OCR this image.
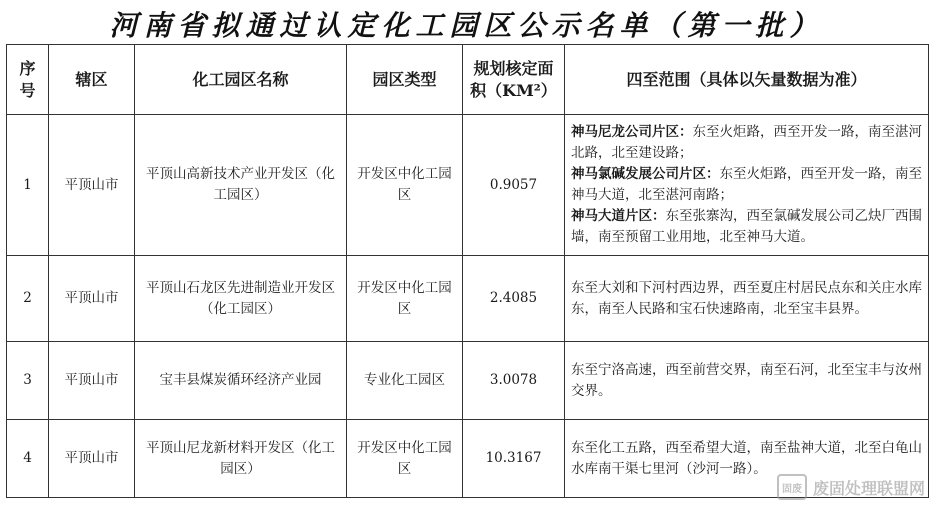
河南省拟通过认定化工园区公示名单（第一批）
序号	辖区	化工园区名称	园区类型	规划核定面积（KM²）	四至范围（具体以矢量数据为准）
1	平顶山市	平顶山高新技术产业开发区（化工园区）	开发区中化工园区	0.9057	神马尼龙公司片区：东至火炬路，西至开发一路，南至湛河北路，北至建设路；
神马氯碱发展公司片区：东至火炬路，西至开发一路，南至神马大道，北至湛河南路；
神马大道片区：东至张寨沟，西至氯碱发展公司乙炔厂西围墙，南至预留工业用地，北至神马大道。

2	平顶山市	平顶山石龙区先进制造业开发区（化工园区）	开发区中化工园区	2.4085	东至大刘和下河村西边界，西至夏庄村居民点东和关庄水库东，南至人民路和宝石快速路南，北至宝丰县界。
3	平顶山市	宝丰县煤炭循环经济产业园	专业化工园区	3.0078	东至宁洛高速，西至前营交界，南至石河，北至宝丰与汝州交界。
4	平顶山市	平顶山尼龙新材料开发区（化工园区）	开发区中化工园区	10.3167	东至化工五路，西至希望大道，南至盐神大道，北至白龟山水库南干渠七里河（沙河一路）。
固废 废固处理联盟网
